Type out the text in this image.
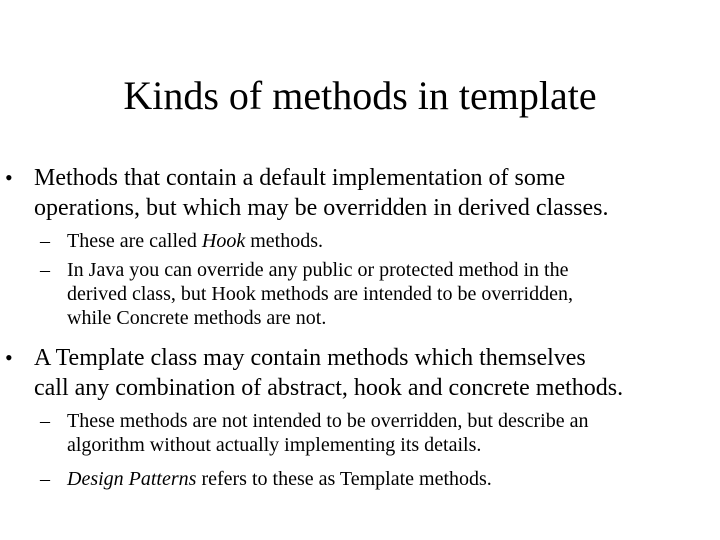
Kinds of methods in template
• Methods that contain a default implementation of some
operations, but which may be overridden in derived classes.
– These are called Hook methods.
– In Java you can override any public or protected method in the
derived class, but Hook methods are intended to be overridden,
while Concrete methods are not.
• A Template class may contain methods which themselves
call any combination of abstract, hook and concrete methods.
– These methods are not intended to be overridden, but describe an
algorithm without actually implementing its details.
– Design Patterns refers to these as Template methods.
